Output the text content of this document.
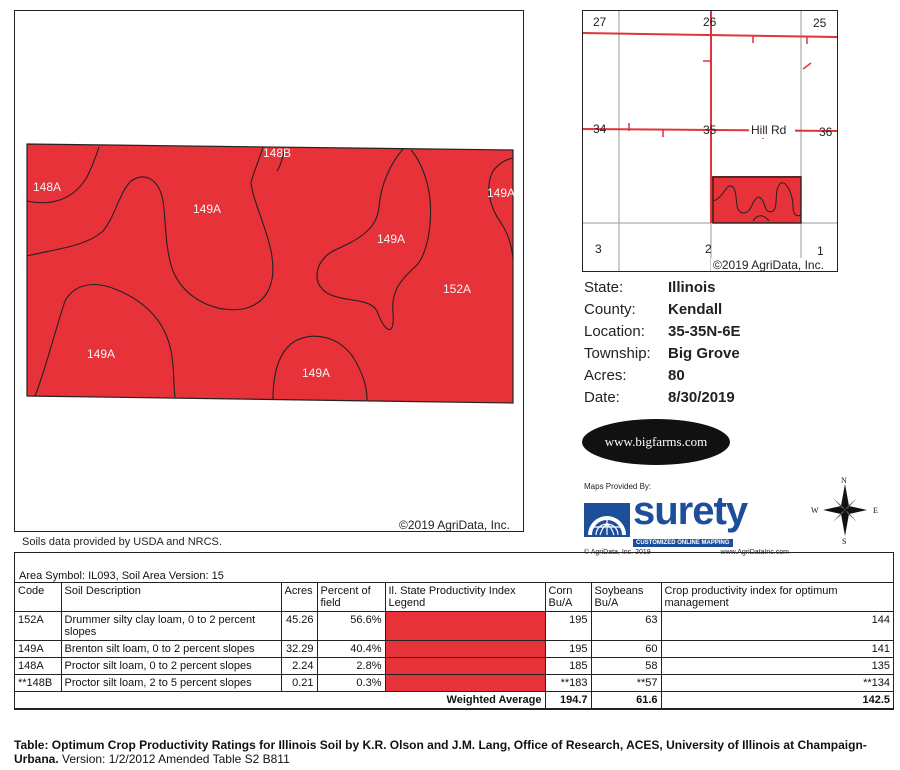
148B
148A
149A
149A
149A
152A
149A
149A
©2019 AgriData, Inc.
27	26	25
34	35	36
3	2	1
Hill Rd
©2019 AgriData, Inc.
State:	Illinois
County:	Kendall
Location:	35-35N-6E
Township:	Big Grove
Acres:	80
Date:	8/30/2019
www.bigfarms.com
Maps Provided By:
surety
CUSTOMIZED ONLINE MAPPING
© AgriData, Inc. 2019	www.AgriDataInc.com
N
S
W	E
Soils data provided by USDA and NRCS.
Area Symbol: IL093, Soil Area Version: 15
Code	Soil Description	Acres	Percent of field	Il. State Productivity Index Legend	Corn Bu/A	Soybeans Bu/A	Crop productivity index for optimum management
152A	Drummer silty clay loam, 0 to 2 percent slopes	45.26	56.6%		195	63	144
149A	Brenton silt loam, 0 to 2 percent slopes	32.29	40.4%		195	60	141
148A	Proctor silt loam, 0 to 2 percent slopes	2.24	2.8%		185	58	135
**148B	Proctor silt loam, 2 to 5 percent slopes	0.21	0.3%		**183	**57	**134
Weighted Average					194.7	61.6	142.5
Table: Optimum Crop Productivity Ratings for Illinois Soil by K.R. Olson and J.M. Lang, Office of Research, ACES, University of Illinois at Champaign-Urbana. Version: 1/2/2012 Amended Table S2 B811
